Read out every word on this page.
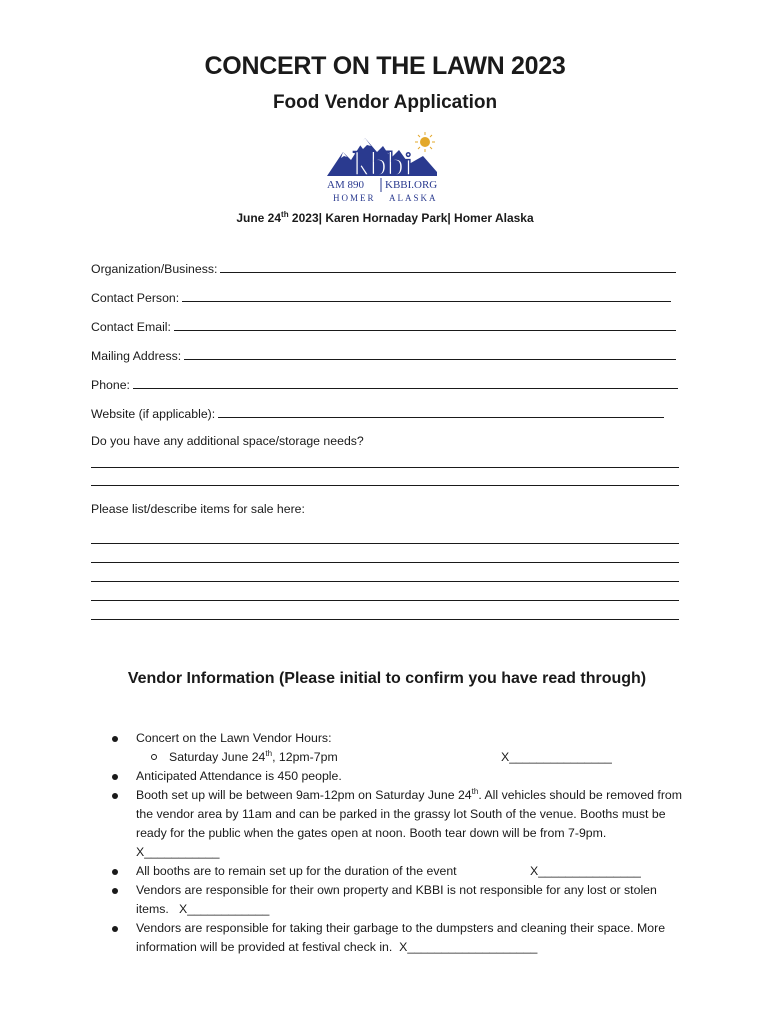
CONCERT ON THE LAWN 2023
Food Vendor Application
kbbi
AM 890 KBBI.ORG
HOMER ALASKA
June 24th 2023| Karen Hornaday Park| Homer Alaska
Organization/Business:
Contact Person:
Contact Email:
Mailing Address:
Phone:
Website (if applicable):
Do you have any additional space/storage needs?
Please list/describe items for sale here:
Vendor Information (Please initial to confirm you have read through)
Concert on the Lawn Vendor Hours:
Saturday June 24th, 12pm-7pm	X_______________
Anticipated Attendance is 450 people.
Booth set up will be between 9am-12pm on Saturday June 24th. All vehicles should be removed from the vendor area by 11am and can be parked in the grassy lot South of the venue. Booths must be ready for the public when the gates open at noon. Booth tear down will be from 7-9pm.
X___________
All booths are to remain set up for the duration of the event	X_______________
Vendors are responsible for their own property and KBBI is not responsible for any lost or stolen items. X____________
Vendors are responsible for taking their garbage to the dumpsters and cleaning their space. More information will be provided at festival check in. X___________________
